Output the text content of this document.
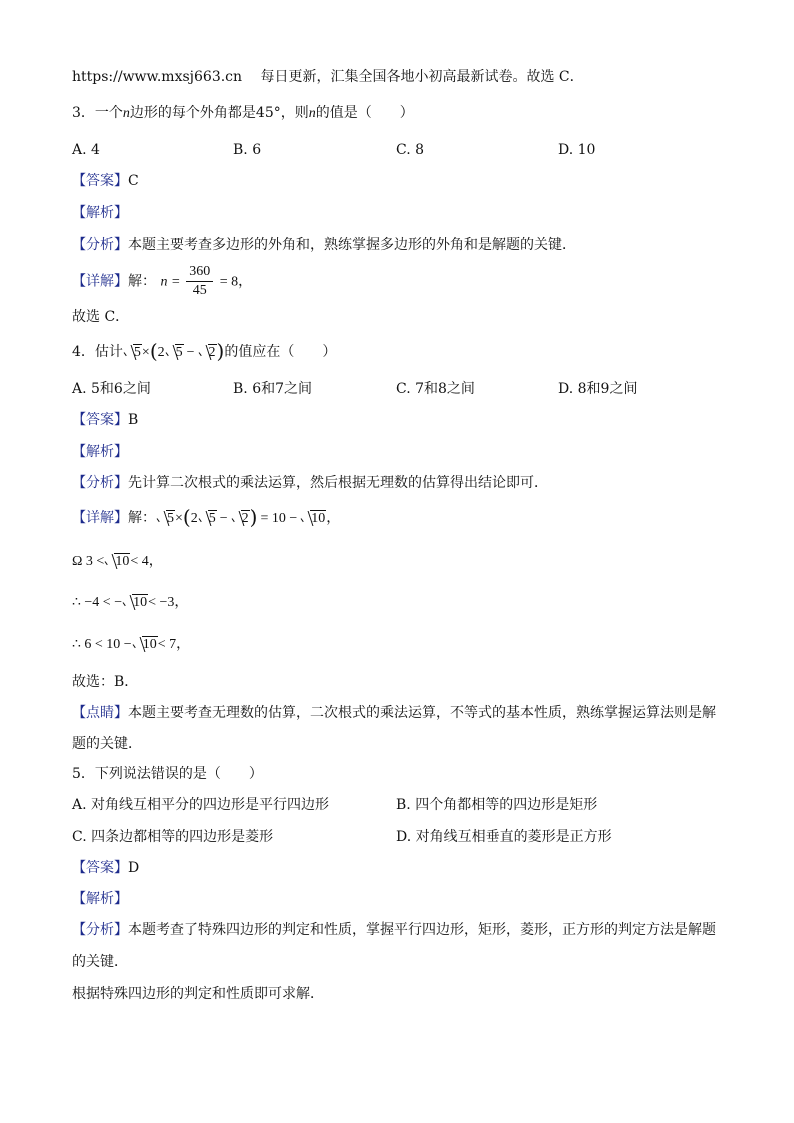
https://www.mxsj663.cn 每日更新，汇集全国各地小初高最新试卷。故选 C．
3．一个n边形的每个外角都是45°，则n的值是（　　）
A. 4	B. 6	C. 8	D. 10
【答案】C
【解析】
【分析】本题主要考查多边形的外角和，熟练掌握多边形的外角和是解题的关键．
【详解】解： $n = \frac{360}{45} = 8$，
故选 C．
4．估计 5×(2 5 − 2)的值应在（　　）
A. 5和6之间	B. 6和7之间	C. 7和8之间	D. 8和9之间
【答案】B
【解析】
【分析】先计算二次根式的乘法运算，然后根据无理数的估算得出结论即可．
【详解】解： 5×(2 5 − 2) = 10 − 10，
Ω 3 < 10< 4，
∴ −4 < − 10< −3，
∴ 6 < 10 − 10< 7，
故选：B．
【点睛】本题主要考查无理数的估算，二次根式的乘法运算，不等式的基本性质，熟练掌握运算法则是解
题的关键．
5．下列说法错误的是（　　）
A. 对角线互相平分的四边形是平行四边形	B. 四个角都相等的四边形是矩形
C. 四条边都相等的四边形是菱形	D. 对角线互相垂直的菱形是正方形
【答案】D
【解析】
【分析】本题考查了特殊四边形的判定和性质，掌握平行四边形，矩形，菱形，正方形的判定方法是解题
的关键．
根据特殊四边形的判定和性质即可求解．
